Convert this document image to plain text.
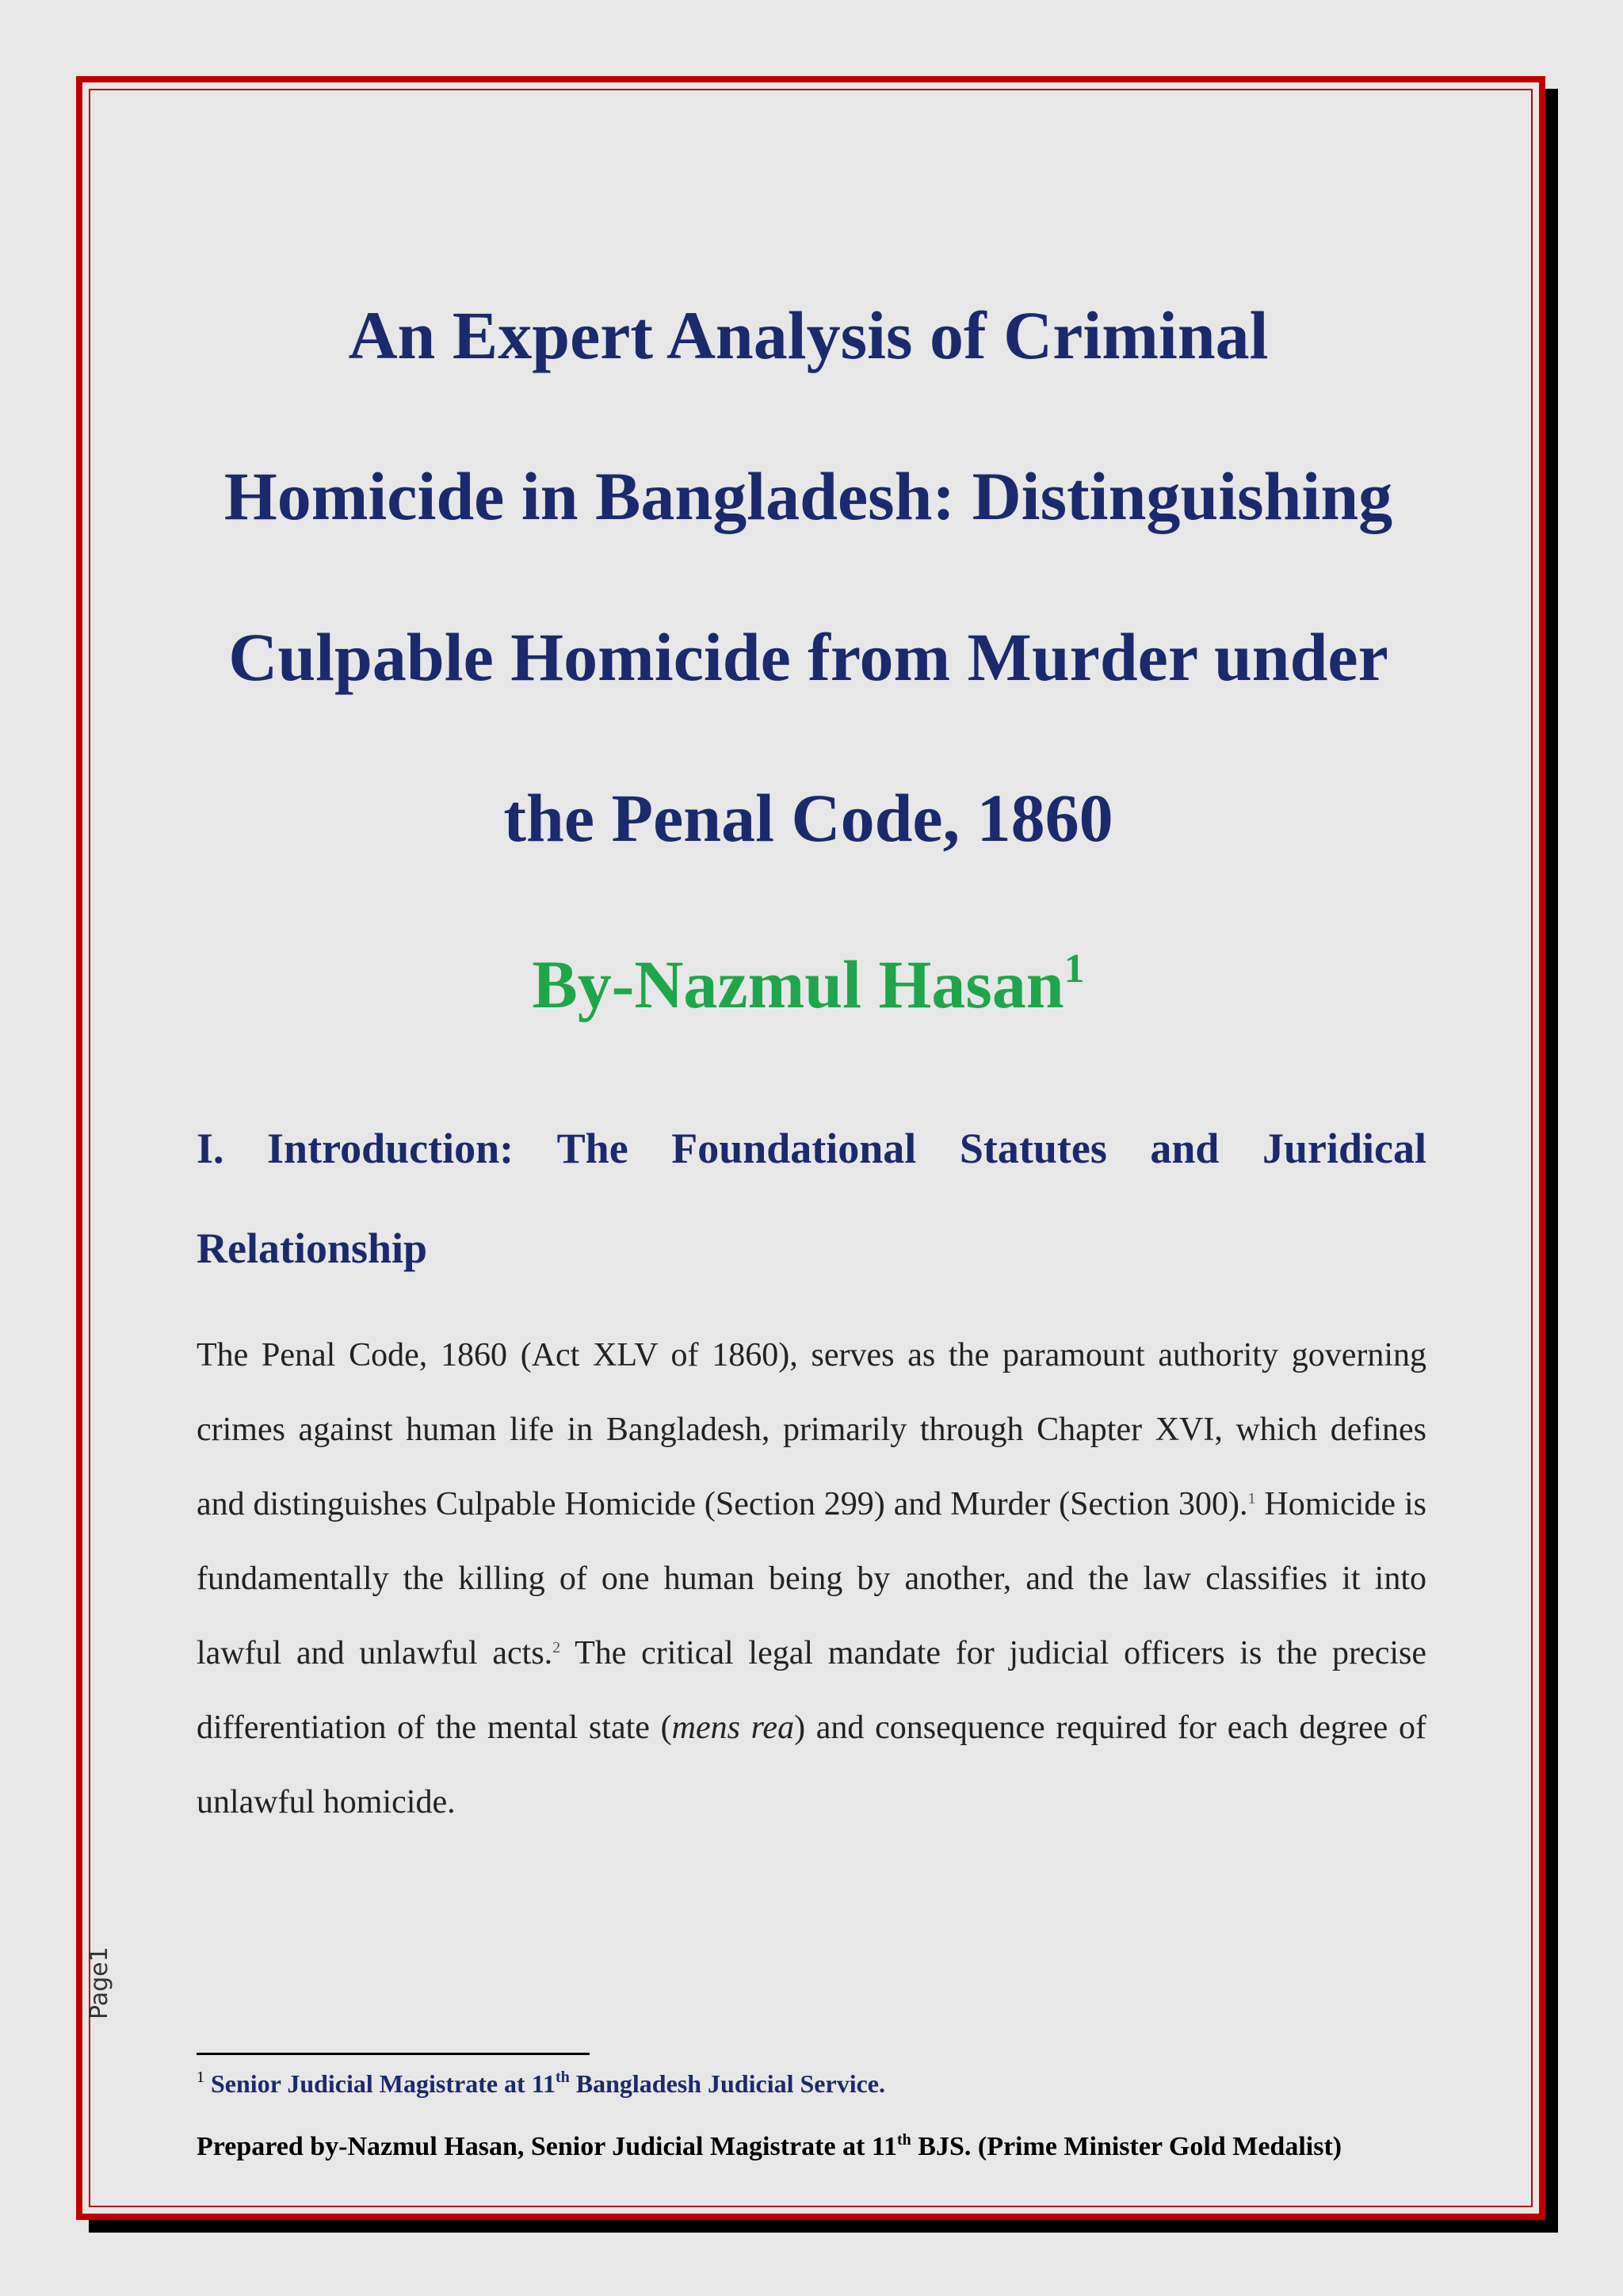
An Expert Analysis of Criminal
Homicide in Bangladesh: Distinguishing
Culpable Homicide from Murder under
the Penal Code, 1860
By-Nazmul Hasan$^1$
I. Introduction: The Foundational Statutes and Juridical
Relationship

The Penal Code, 1860 (Act XLV of 1860), serves as the paramount authority governing crimes against human life in Bangladesh, primarily through Chapter XVI, which defines and distinguishes Culpable Homicide (Section 299) and Murder (Section 300).$^1$ Homicide is fundamentally the killing of one human being by another, and the law classifies it into lawful and unlawful acts.$^2$ The critical legal mandate for judicial officers is the precise differentiation of the mental state (mens rea) and consequence required for each degree of unlawful homicide.

Page1
$^1$ Senior Judicial Magistrate at 11th Bangladesh Judicial Service.
Prepared by-Nazmul Hasan, Senior Judicial Magistrate at 11th BJS. (Prime Minister Gold Medalist)
